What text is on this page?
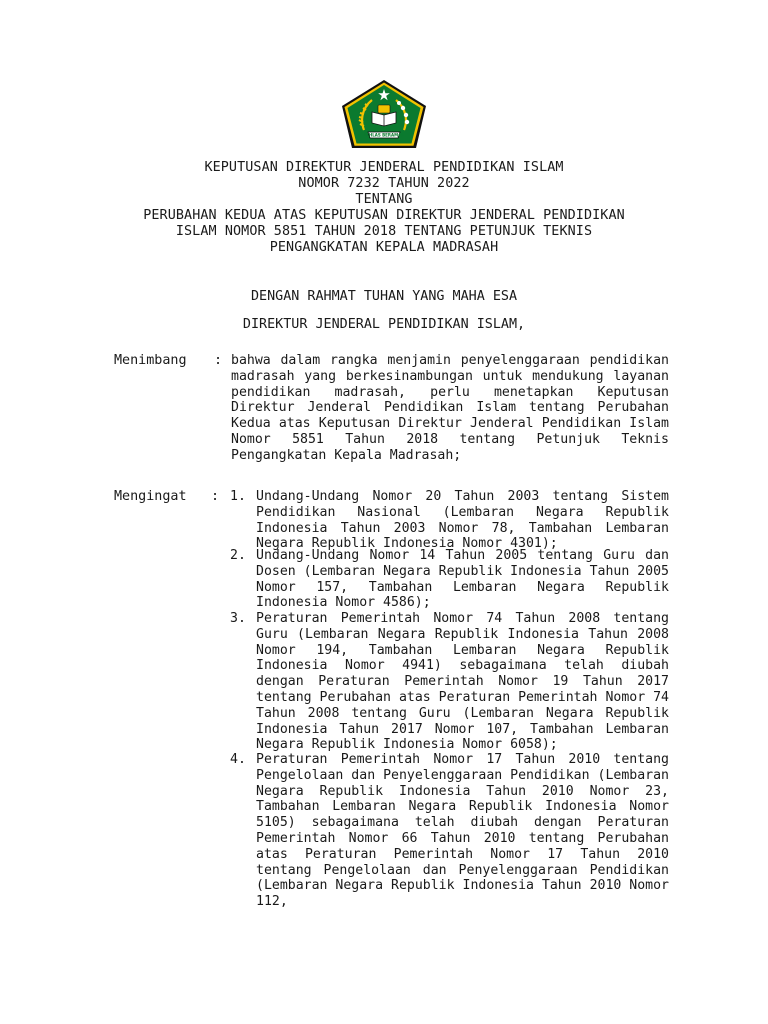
IKHLAS BERAMAL
KEPUTUSAN DIREKTUR JENDERAL PENDIDIKAN ISLAM
NOMOR 7232 TAHUN 2022
TENTANG
PERUBAHAN KEDUA ATAS KEPUTUSAN DIREKTUR JENDERAL PENDIDIKAN
ISLAM NOMOR 5851 TAHUN 2018 TENTANG PETUNJUK TEKNIS
PENGANGKATAN KEPALA MADRASAH
DENGAN RAHMAT TUHAN YANG MAHA ESA
DIREKTUR JENDERAL PENDIDIKAN ISLAM,
Menimbang : bahwa dalam rangka menjamin penyelenggaraan pendidikan madrasah yang berkesinambungan untuk mendukung layanan pendidikan madrasah, perlu menetapkan Keputusan Direktur Jenderal Pendidikan Islam tentang Perubahan Kedua atas Keputusan Direktur Jenderal Pendidikan Islam Nomor 5851 Tahun 2018 tentang Petunjuk Teknis Pengangkatan Kepala Madrasah;
Mengingat : 1. Undang-Undang Nomor 20 Tahun 2003 tentang Sistem Pendidikan Nasional (Lembaran Negara Republik Indonesia Tahun 2003 Nomor 78, Tambahan Lembaran Negara Republik Indonesia Nomor 4301);
2. Undang-Undang Nomor 14 Tahun 2005 tentang Guru dan Dosen (Lembaran Negara Republik Indonesia Tahun 2005 Nomor 157, Tambahan Lembaran Negara Republik Indonesia Nomor 4586);
3. Peraturan Pemerintah Nomor 74 Tahun 2008 tentang Guru (Lembaran Negara Republik Indonesia Tahun 2008 Nomor 194, Tambahan Lembaran Negara Republik Indonesia Nomor 4941) sebagaimana telah diubah dengan Peraturan Pemerintah Nomor 19 Tahun 2017 tentang Perubahan atas Peraturan Pemerintah Nomor 74 Tahun 2008 tentang Guru (Lembaran Negara Republik Indonesia Tahun 2017 Nomor 107, Tambahan Lembaran Negara Republik Indonesia Nomor 6058);
4. Peraturan Pemerintah Nomor 17 Tahun 2010 tentang Pengelolaan dan Penyelenggaraan Pendidikan (Lembaran Negara Republik Indonesia Tahun 2010 Nomor 23, Tambahan Lembaran Negara Republik Indonesia Nomor 5105) sebagaimana telah diubah dengan Peraturan Pemerintah Nomor 66 Tahun 2010 tentang Perubahan atas Peraturan Pemerintah Nomor 17 Tahun 2010 tentang Pengelolaan dan Penyelenggaraan Pendidikan (Lembaran Negara Republik Indonesia Tahun 2010 Nomor 112,
